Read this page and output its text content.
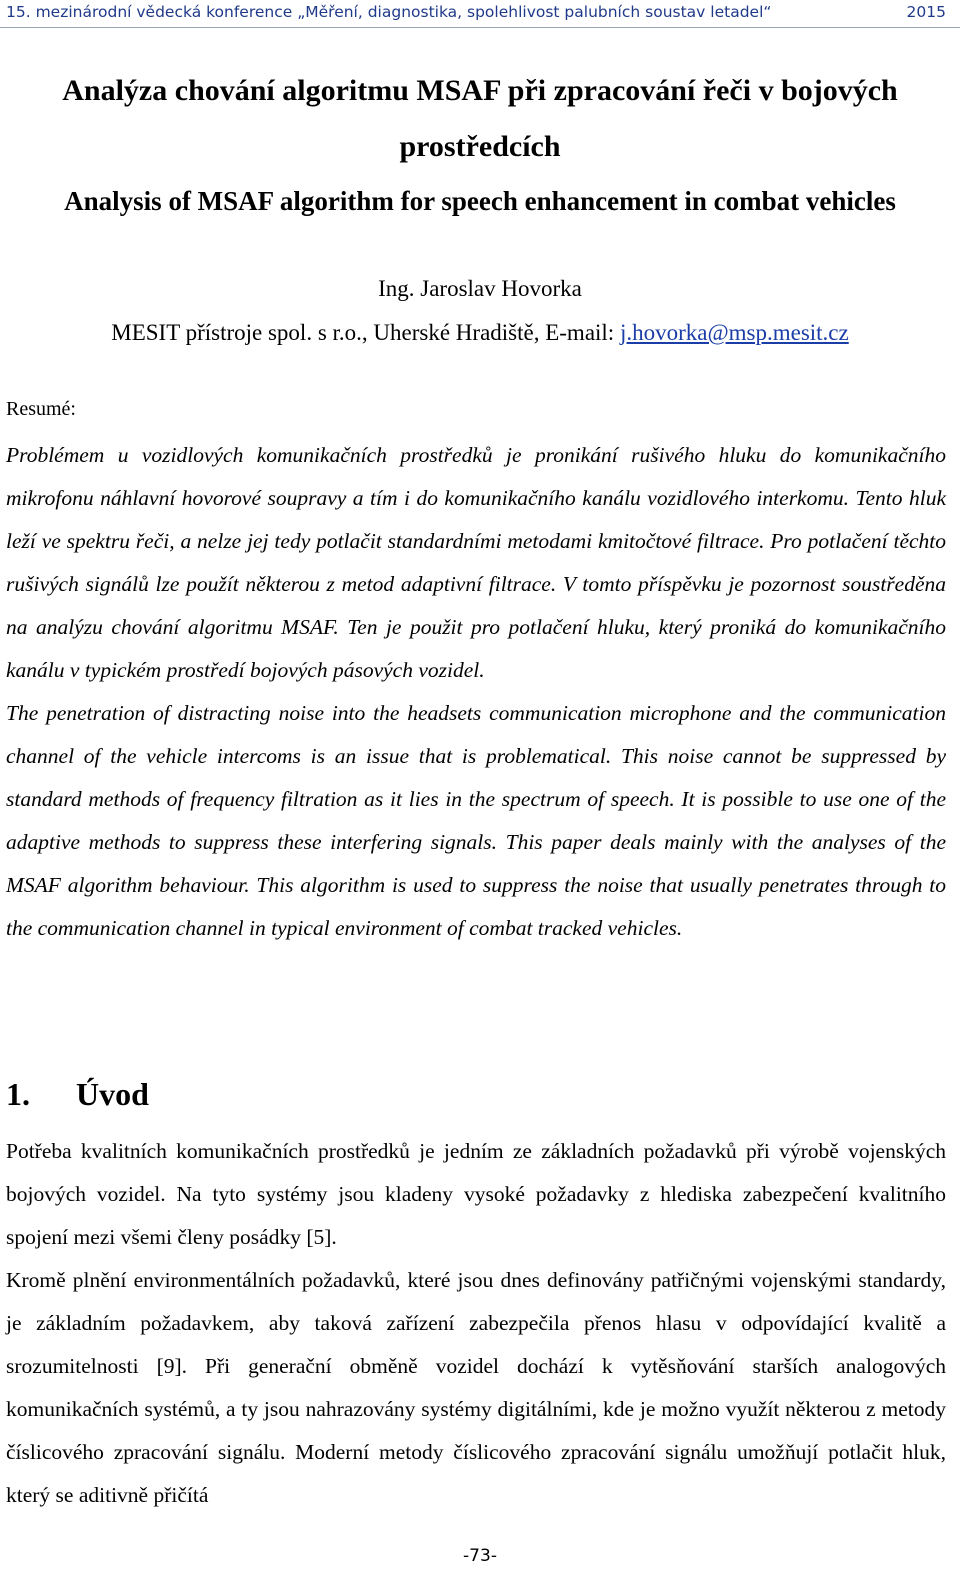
15. mezinárodní vědecká konference „Měření, diagnostika, spolehlivost palubních soustav letadel“	2015
Analýza chování algoritmu MSAF při zpracování řeči v bojových
prostředcích
Analysis of MSAF algorithm for speech enhancement in combat vehicles
Ing. Jaroslav Hovorka
MESIT přístroje spol. s r.o., Uherské Hradiště, E-mail: j.hovorka@msp.mesit.cz
Resumé:

Problémem u vozidlových komunikačních prostředků je pronikání rušivého hluku do komunikačního mikrofonu náhlavní hovorové soupravy a tím i do komunikačního kanálu vozidlového interkomu. Tento hluk leží ve spektru řeči, a nelze jej tedy potlačit standardními metodami kmitočtové filtrace. Pro potlačení těchto rušivých signálů lze použít některou z metod adaptivní filtrace. V tomto příspěvku je pozornost soustředěna na analýzu chování algoritmu MSAF. Ten je použit pro potlačení hluku, který proniká do komunikačního kanálu v typickém prostředí bojových pásových vozidel.

The penetration of distracting noise into the headsets communication microphone and the communication channel of the vehicle intercoms is an issue that is problematical. This noise cannot be suppressed by standard methods of frequency filtration as it lies in the spectrum of speech. It is possible to use one of the adaptive methods to suppress these interfering signals. This paper deals mainly with the analyses of the MSAF algorithm behaviour. This algorithm is used to suppress the noise that usually penetrates through to the communication channel in typical environment of combat tracked vehicles.

1. Úvod

Potřeba kvalitních komunikačních prostředků je jedním ze základních požadavků při výrobě vojenských bojových vozidel. Na tyto systémy jsou kladeny vysoké požadavky z hlediska zabezpečení kvalitního spojení mezi všemi členy posádky [5].

Kromě plnění environmentálních požadavků, které jsou dnes definovány patřičnými vojenskými standardy, je základním požadavkem, aby taková zařízení zabezpečila přenos hlasu v odpovídající kvalitě a srozumitelnosti [9]. Při generační obměně vozidel dochází k vytěsňování starších analogových komunikačních systémů, a ty jsou nahrazovány systémy digitálními, kde je možno využít některou z metody číslicového zpracování signálu. Moderní metody číslicového zpracování signálu umožňují potlačit hluk, který se aditivně přičítá

-73-
